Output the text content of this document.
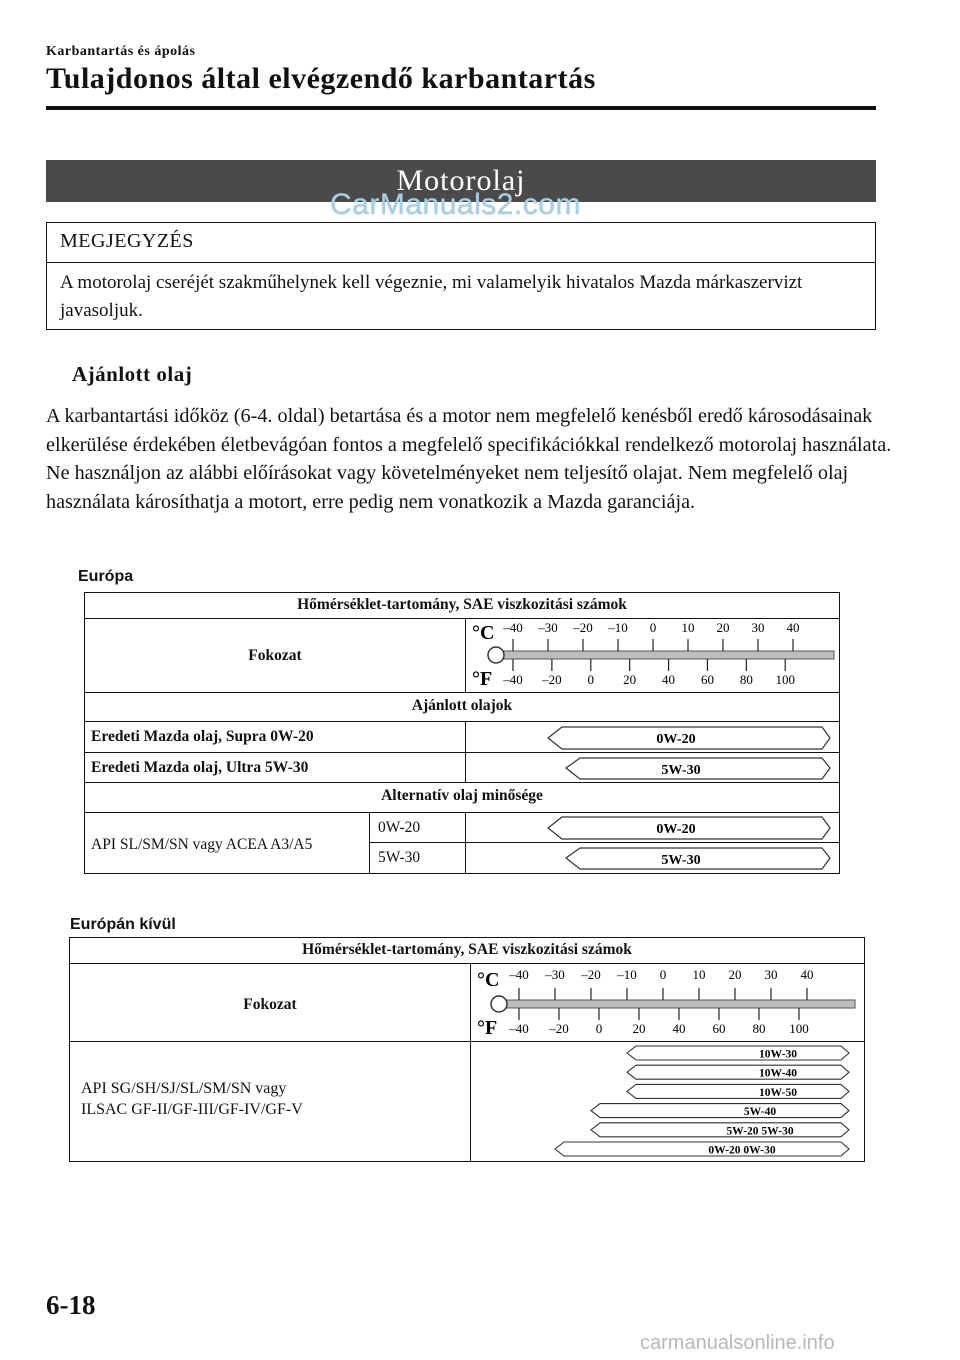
Karbantartás és ápolás
Tulajdonos által elvégzendő karbantartás
Motorolaj
CarManuals2.com
MEGJEGYZÉS
A motorolaj cseréjét szakműhelynek kell végeznie, mi valamelyik hivatalos Mazda márkaszervizt javasoljuk.
Ajánlott olaj
A karbantartási időköz (6-4. oldal) betartása és a motor nem megfelelő kenésből eredő károsodásainak elkerülése érdekében életbevágóan fontos a megfelelő specifikációkkal rendelkező motorolaj használata. Ne használjon az alábbi előírásokat vagy követelményeket nem teljesítő olajat. Nem megfelelő olaj használata károsíthatja a motort, erre pedig nem vonatkozik a Mazda garanciája.
Európa
Hőmérséklet-tartomány, SAE viszkozitási számok
Fokozat
°C
°F
–40 –30 –20 –10 0 10 20 30 40
–40 –20 0 20 40 60 80 100
Ajánlott olajok
Eredeti Mazda olaj, Supra 0W-20
Eredeti Mazda olaj, Ultra 5W-30
Alternatív olaj minősége
API SL/SM/SN vagy ACEA A3/A5
0W-20
5W-30
0W-20
5W-30
0W-20
5W-30
Európán kívül
Hőmérséklet-tartomány, SAE viszkozitási számok
Fokozat
°C
°F
–40 –30 –20 –10 0 10 20 30 40
–40 –20 0 20 40 60 80 100
API SG/SH/SJ/SL/SM/SN vagy
ILSAC GF-II/GF-III/GF-IV/GF-V
10W-30
10W-40
10W-50
5W-40
5W-20 5W-30
0W-20 0W-30
6-18
carmanualsonline.info
